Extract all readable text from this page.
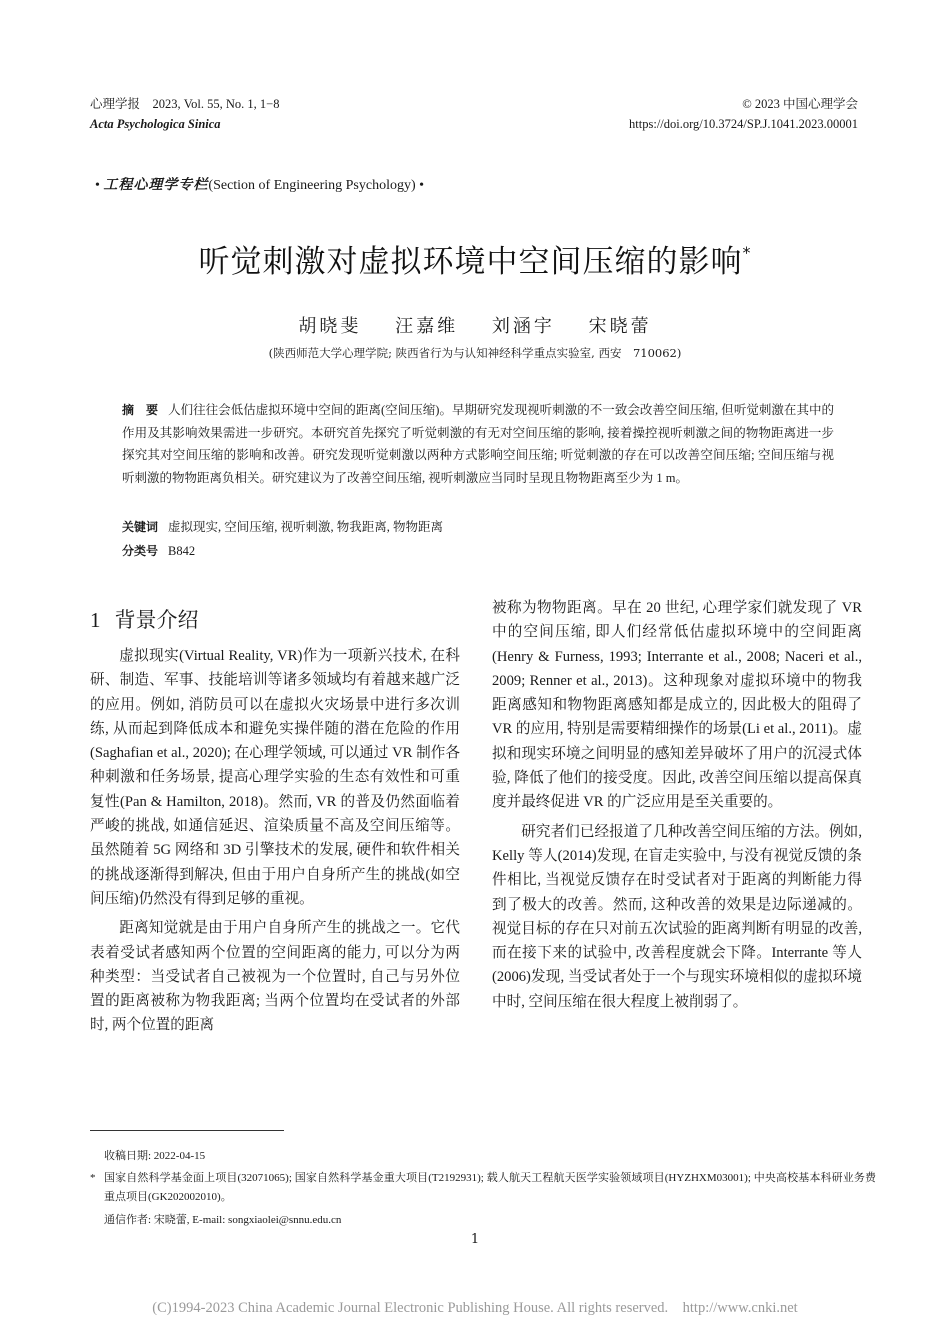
心理学报　2023, Vol. 55, No. 1, 1−8
Acta Psychologica Sinica
© 2023 中国心理学会
https://doi.org/10.3724/SP.J.1041.2023.00001
• 工程心理学专栏(Section of Engineering Psychology) •
听觉刺激对虚拟环境中空间压缩的影响*
胡晓斐 汪嘉维 刘涵宇 宋晓蕾
(陕西师范大学心理学院; 陕西省行为与认知神经科学重点实验室, 西安　710062)
摘　要 人们往往会低估虚拟环境中空间的距离(空间压缩)。早期研究发现视听刺激的不一致会改善空间压缩, 但听觉刺激在其中的作用及其影响效果需进一步研究。本研究首先探究了听觉刺激的有无对空间压缩的影响, 接着操控视听刺激之间的物物距离进一步探究其对空间压缩的影响和改善。研究发现听觉刺激以两种方式影响空间压缩; 听觉刺激的存在可以改善空间压缩; 空间压缩与视听刺激的物物距离负相关。研究建议为了改善空间压缩, 视听刺激应当同时呈现且物物距离至少为 1 m。
关键词 虚拟现实, 空间压缩, 视听刺激, 物我距离, 物物距离
分类号 B842
1 背景介绍

虚拟现实(Virtual Reality, VR)作为一项新兴技术, 在科研、制造、军事、技能培训等诸多领域均有着越来越广泛的应用。例如, 消防员可以在虚拟火灾场景中进行多次训练, 从而起到降低成本和避免实操伴随的潜在危险的作用(Saghafian et al., 2020); 在心理学领域, 可以通过 VR 制作各种刺激和任务场景, 提高心理学实验的生态有效性和可重复性(Pan & Hamilton, 2018)。然而, VR 的普及仍然面临着严峻的挑战, 如通信延迟、渲染质量不高及空间压缩等。虽然随着 5G 网络和 3D 引擎技术的发展, 硬件和软件相关的挑战逐渐得到解决, 但由于用户自身所产生的挑战(如空间压缩)仍然没有得到足够的重视。

距离知觉就是由于用户自身所产生的挑战之一。它代表着受试者感知两个位置的空间距离的能力, 可以分为两种类型：当受试者自己被视为一个位置时, 自己与另外位置的距离被称为物我距离; 当两个位置均在受试者的外部时, 两个位置的距离

被称为物物距离。早在 20 世纪, 心理学家们就发现了 VR 中的空间压缩, 即人们经常低估虚拟环境中的空间距离(Henry & Furness, 1993; Interrante et al., 2008; Naceri et al., 2009; Renner et al., 2013)。这种现象对虚拟环境中的物我距离感知和物物距离感知都是成立的, 因此极大的阻碍了 VR 的应用, 特别是需要精细操作的场景(Li et al., 2011)。虚拟和现实环境之间明显的感知差异破坏了用户的沉浸式体验, 降低了他们的接受度。因此, 改善空间压缩以提高保真度并最终促进 VR 的广泛应用是至关重要的。

研究者们已经报道了几种改善空间压缩的方法。例如, Kelly 等人(2014)发现, 在盲走实验中, 与没有视觉反馈的条件相比, 当视觉反馈存在时受试者对于距离的判断能力得到了极大的改善。然而, 这种改善的效果是边际递减的。视觉目标的存在只对前五次试验的距离判断有明显的改善, 而在接下来的试验中, 改善程度就会下降。Interrante 等人(2006)发现, 当受试者处于一个与现实环境相似的虚拟环境中时, 空间压缩在很大程度上被削弱了。

收稿日期: 2022-04-15
* 国家自然科学基金面上项目(32071065); 国家自然科学基金重大项目(T2192931); 载人航天工程航天医学实验领域项目(HYZHXM03001); 中央高校基本科研业务费重点项目(GK202002010)。
通信作者: 宋晓蕾, E-mail: songxiaolei@snnu.edu.cn
1
(C)1994-2023 China Academic Journal Electronic Publishing House. All rights reserved.　http://www.cnki.net
